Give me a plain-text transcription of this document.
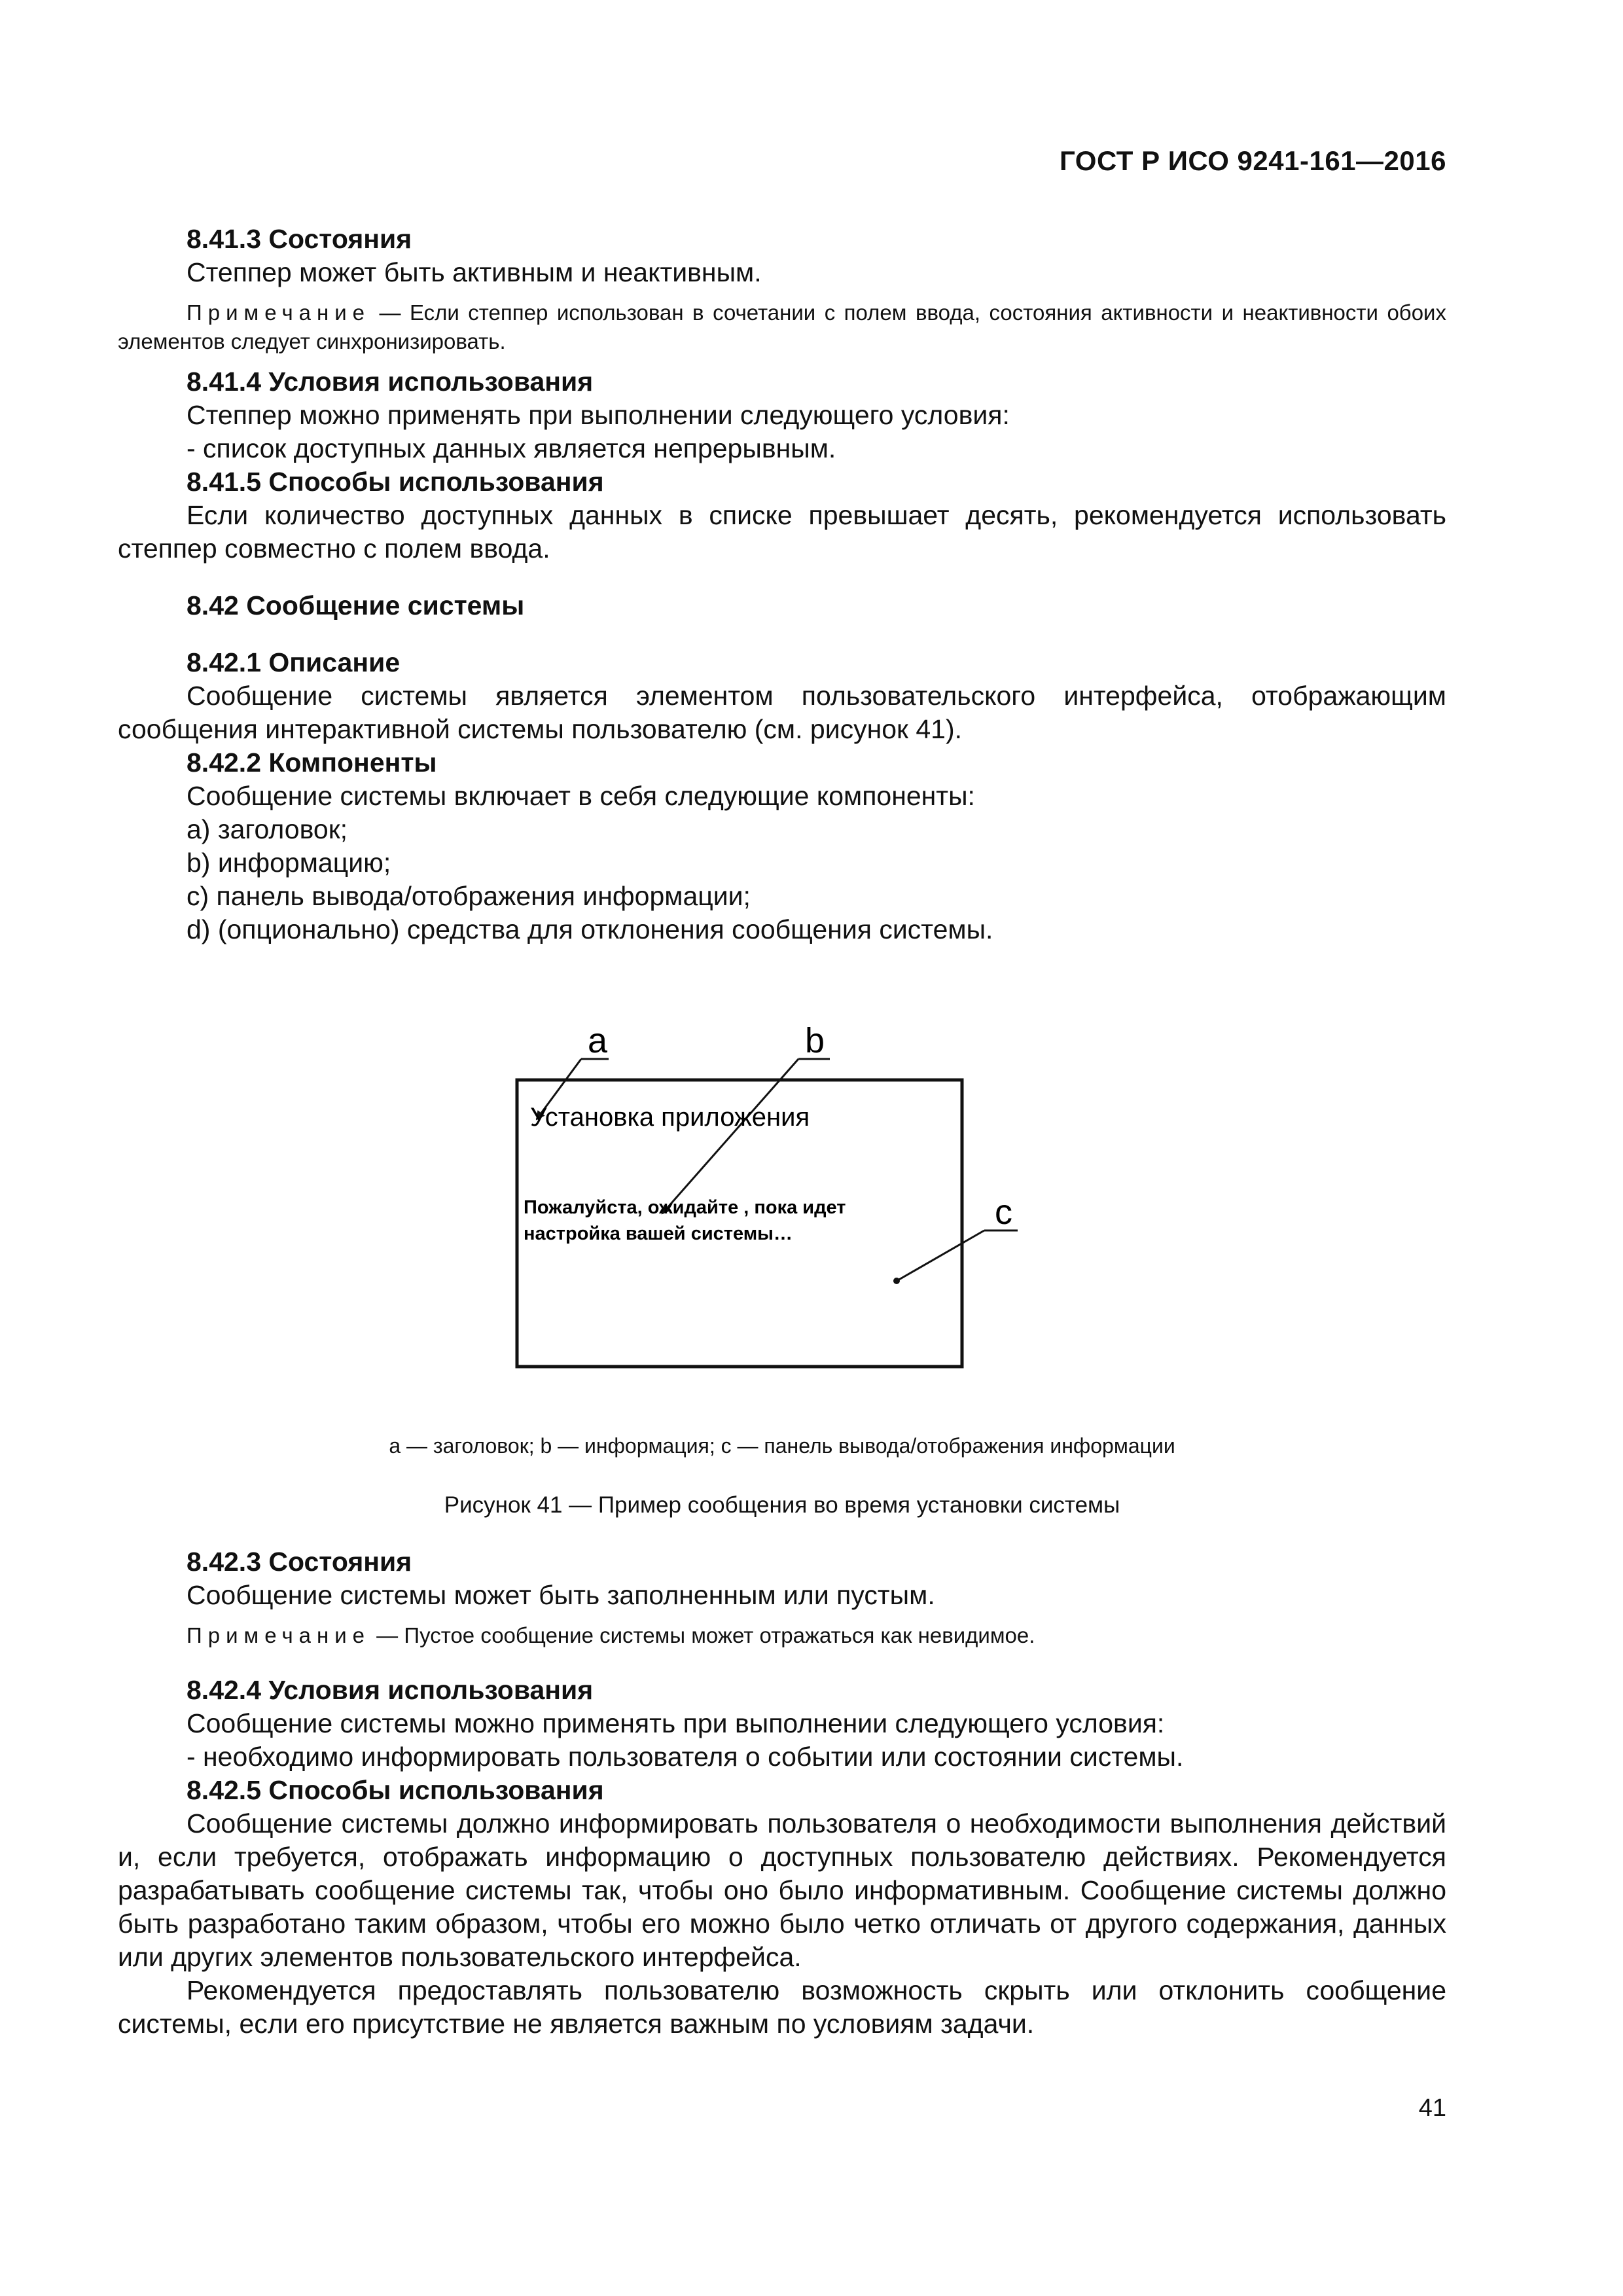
ГОСТ Р ИСО 9241-161—2016
8.41.3 Состояния
Степпер может быть активным и неактивным.
Примечание — Если степпер использован в сочетании с полем ввода, состояния активности и неактивности обоих элементов следует синхронизировать.
8.41.4 Условия использования
Степпер можно применять при выполнении следующего условия:
- список доступных данных является непрерывным.
8.41.5 Способы использования
Если количество доступных данных в списке превышает десять, рекомендуется использовать степпер совместно с полем ввода.
8.42 Сообщение системы
8.42.1 Описание
Сообщение системы является элементом пользовательского интерфейса, отображающим сообщения интерактивной системы пользователю (см. рисунок 41).
8.42.2 Компоненты
Сообщение системы включает в себя следующие компоненты:
a) заголовок;
b) информацию;
c) панель вывода/отображения информации;
d) (опционально) средства для отклонения сообщения системы.
a	b
c
Установка приложения
Пожалуйста, ожидайте , пока идет
настройка вашей системы…
a — заголовок; b — информация; c — панель вывода/отображения информации
Рисунок 41 — Пример сообщения во время установки системы
8.42.3 Состояния
Сообщение системы может быть заполненным или пустым.
Примечание — Пустое сообщение системы может отражаться как невидимое.
8.42.4 Условия использования
Сообщение системы можно применять при выполнении следующего условия:
- необходимо информировать пользователя о событии или состоянии системы.
8.42.5 Способы использования
Сообщение системы должно информировать пользователя о необходимости выполнения действий и, если требуется, отображать информацию о доступных пользователю действиях. Рекомендуется разрабатывать сообщение системы так, чтобы оно было информативным. Сообщение системы должно быть разработано таким образом, чтобы его можно было четко отличать от другого содержания, данных или других элементов пользовательского интерфейса.
Рекомендуется предоставлять пользователю возможность скрыть или отклонить сообщение системы, если его присутствие не является важным по условиям задачи.
41
